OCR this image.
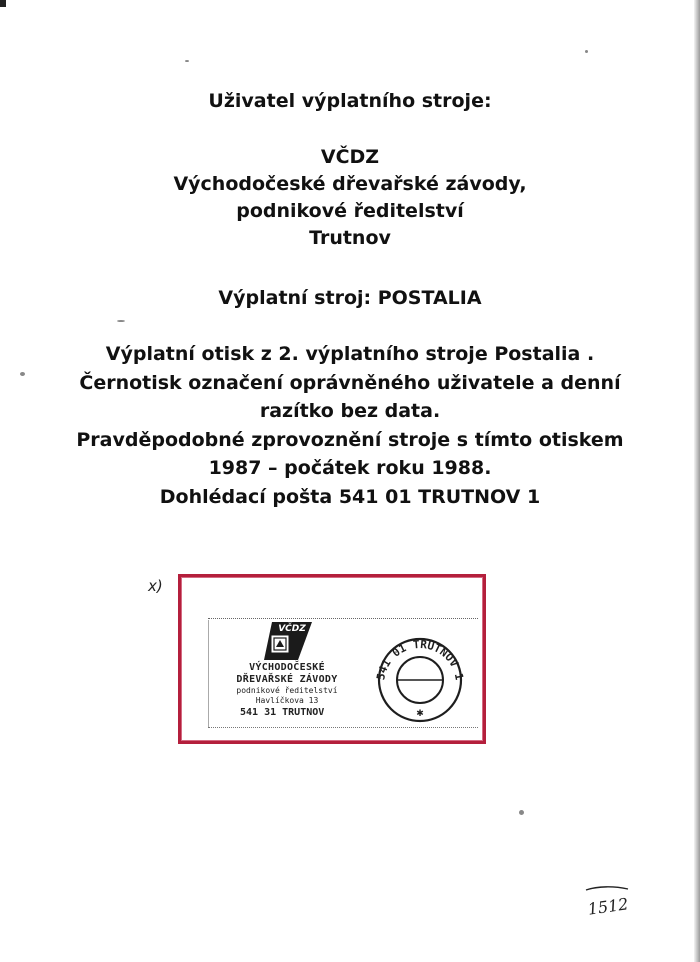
Uživatel výplatního stroje:
VČDZ
Východočeské dřevařské závody,
podnikové ředitelství
Trutnov
Výplatní stroj: POSTALIA
Výplatní otisk z 2. výplatního stroje Postalia .
Černotisk označení oprávněného uživatele a denní
razítko bez data.
Pravděpodobné zprovoznění stroje s tímto otiskem
1987 – počátek roku 1988.
Dohlédací pošta 541 01 TRUTNOV 1
x)
VČDZ
VÝCHODOČESKÉ
DŘEVAŘSKÉ ZÁVODY
podnikové ředitelství
Havlíčkova 13
541 31 TRUTNOV
541 01 TRUTNOV 1
✱
1512
